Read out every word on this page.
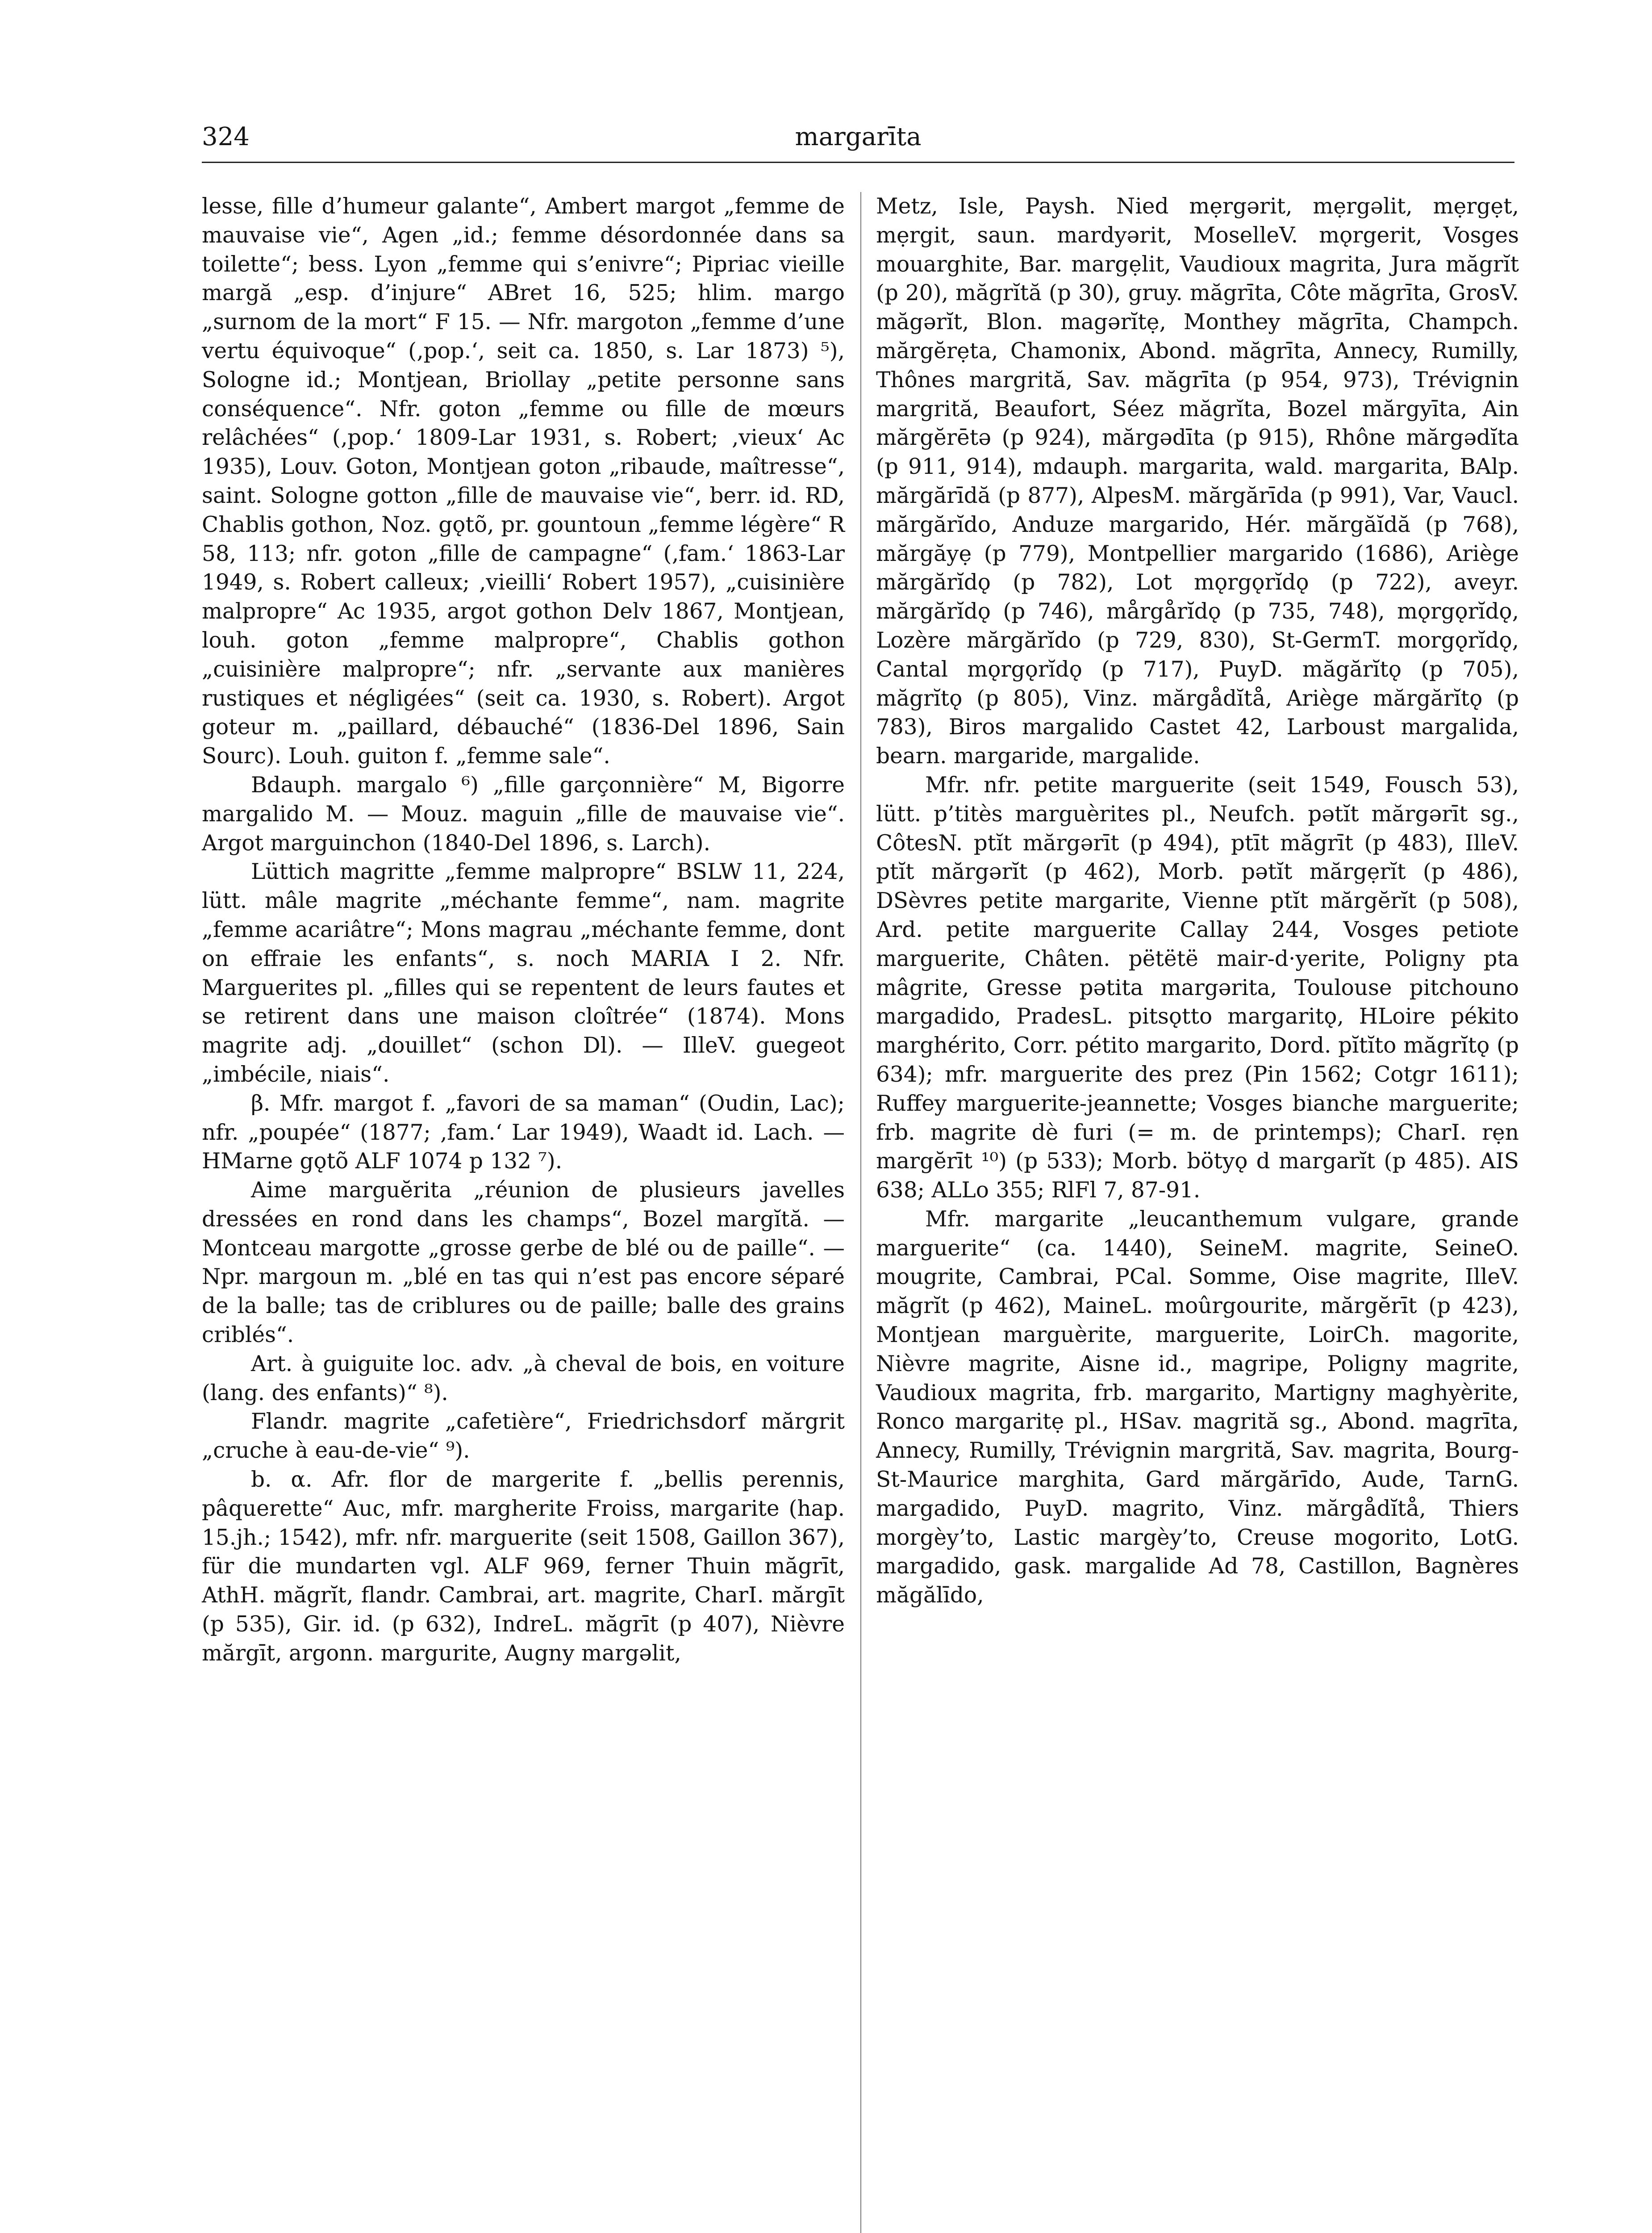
324	margarīta

lesse, fille d’humeur galante“, Ambert margot „femme de mauvaise vie“, Agen „id.; femme désordonnée dans sa toilette“; bess. Lyon „femme qui s’enivre“; Pipriac vieille margă „esp. d’injure“ ABret 16, 525; hlim. margo „surnom de la mort“ F 15. — Nfr. margoton „femme d’une vertu équivoque“ (‚pop.‘, seit ca. 1850, s. Lar 1873) ⁵), Sologne id.; Montjean, Briollay „petite personne sans conséquence“. Nfr. goton „femme ou fille de mœurs relâchées“ (‚pop.‘ 1809-Lar 1931, s. Robert; ‚vieux‘ Ac 1935), Louv. Goton, Montjean goton „ribaude, maîtresse“, saint. Sologne gotton „fille de mauvaise vie“, berr. id. RD, Chablis gothon, Noz. gǫtõ, pr. gountoun „femme légère“ R 58, 113; nfr. goton „fille de campagne“ (‚fam.‘ 1863-Lar 1949, s. Robert calleux; ‚vieilli‘ Robert 1957), „cuisinière malpropre“ Ac 1935, argot gothon Delv 1867, Montjean, louh. goton „femme malpropre“, Chablis gothon „cuisinière malpropre“; nfr. „servante aux manières rustiques et négligées“ (seit ca. 1930, s. Robert). Argot goteur m. „paillard, débauché“ (1836-Del 1896, Sain Sourc). Louh. guiton f. „femme sale“.

Bdauph. margalo ⁶) „fille garçonnière“ M, Bigorre margalido M. — Mouz. maguin „fille de mauvaise vie“. Argot marguinchon (1840-Del 1896, s. Larch).

Lüttich magritte „femme malpropre“ BSLW 11, 224, lütt. mâle magrite „méchante femme“, nam. magrite „femme acariâtre“; Mons magrau „méchante femme, dont on effraie les enfants“, s. noch MARIA I 2. Nfr. Marguerites pl. „filles qui se repentent de leurs fautes et se retirent dans une maison cloîtrée“ (1874). Mons magrite adj. „douillet“ (schon Dl). — IlleV. guegeot „imbécile, niais“.

β. Mfr. margot f. „favori de sa maman“ (Oudin, Lac); nfr. „poupée“ (1877; ‚fam.‘ Lar 1949), Waadt id. Lach. — HMarne gǫtõ ALF 1074 p 132 ⁷).

Aime marguĕrita „réunion de plusieurs javelles dressées en rond dans les champs“, Bozel margĭtă. — Montceau margotte „grosse gerbe de blé ou de paille“. — Npr. margoun m. „blé en tas qui n’est pas encore séparé de la balle; tas de criblures ou de paille; balle des grains criblés“.

Art. à guiguite loc. adv. „à cheval de bois, en voiture (lang. des enfants)“ ⁸).

Flandr. magrite „cafetière“, Friedrichsdorf mărgrit „cruche à eau-de-vie“ ⁹).

b. α. Afr. flor de margerite f. „bellis perennis, pâquerette“ Auc, mfr. margherite Froiss, margarite (hap. 15.jh.; 1542), mfr. nfr. marguerite (seit 1508, Gaillon 367), für die mundarten vgl. ALF 969, ferner Thuin măgrīt, AthH. măgrĭt, flandr. Cambrai, art. magrite, CharI. mărgīt (p 535), Gir. id. (p 632), IndreL. măgrīt (p 407), Nièvre mărgīt, argonn. margurite, Augny margəlit,

Metz, Isle, Paysh. Nied mẹrgərit, mẹrgəlit, mẹrgẹt, mẹrgit, saun. mardyərit, MoselleV. mǫrgerit, Vosges mouarghite, Bar. margẹlit, Vaudioux magrita, Jura măgrĭt (p 20), măgrĭtă (p 30), gruy. măgrīta, Côte măgrīta, GrosV. măgərĭt, Blon. magərĭtẹ, Monthey măgrīta, Champch. mărgĕrẹta, Chamonix, Abond. măgrīta, Annecy, Rumilly, Thônes margrită, Sav. măgrīta (p 954, 973), Trévignin margrită, Beaufort, Séez măgrĭta, Bozel mărgyīta, Ain mărgĕrētə (p 924), mărgədīta (p 915), Rhône mărgədĭta (p 911, 914), mdauph. margarita, wald. margarita, BAlp. mărgărīdă (p 877), AlpesM. mărgărīda (p 991), Var, Vaucl. mărgărĭdo, Anduze margarido, Hér. mărgăĭdă (p 768), mărgăyẹ (p 779), Montpellier margarido (1686), Ariège mărgărĭdǫ (p 782), Lot mǫrgǫrĭdǫ (p 722), aveyr. mărgărĭdǫ (p 746), mårgårĭdǫ (p 735, 748), mǫrgǫrĭdǫ, Lozère mărgărĭdo (p 729, 830), St-GermT. morgǫrĭdǫ, Cantal mǫrgǫrĭdǫ (p 717), PuyD. măgărĭtǫ (p 705), măgrĭtǫ (p 805), Vinz. mărgådĭtå, Ariège mărgărĭtǫ (p 783), Biros margalido Castet 42, Larboust margalida, bearn. margaride, margalide.

Mfr. nfr. petite marguerite (seit 1549, Fousch 53), lütt. p’titès marguèrites pl., Neufch. pətĭt mărgərīt sg., CôtesN. ptĭt mărgərīt (p 494), ptīt măgrīt (p 483), IlleV. ptĭt mărgərĭt (p 462), Morb. pətĭt mărgẹrĭt (p 486), DSèvres petite margarite, Vienne ptĭt mărgĕrĭt (p 508), Ard. petite marguerite Callay 244, Vosges petiote marguerite, Châten. pëtëtë mair-d·yerite, Poligny pta mâgrite, Gresse pətita margərita, Toulouse pitchouno margadido, PradesL. pitsǫtto margaritǫ, HLoire pékito marghérito, Corr. pétito margarito, Dord. pĭtĭto măgrĭtǫ (p 634); mfr. marguerite des prez (Pin 1562; Cotgr 1611); Ruffey marguerite-jeannette; Vosges bianche marguerite; frb. magrite dè furi (= m. de printemps); CharI. rẹn margĕrīt ¹⁰) (p 533); Morb. bötyǫ d margarĭt (p 485). AIS 638; ALLo 355; RlFl 7, 87-91.

Mfr. margarite „leucanthemum vulgare, grande marguerite“ (ca. 1440), SeineM. magrite, SeineO. mougrite, Cambrai, PCal. Somme, Oise magrite, IlleV. măgrĭt (p 462), MaineL. moûrgourite, mărgĕrīt (p 423), Montjean marguèrite, marguerite, LoirCh. magorite, Nièvre magrite, Aisne id., magripe, Poligny magrite, Vaudioux magrita, frb. margarito, Martigny maghyèrite, Ronco margaritẹ pl., HSav. magrită sg., Abond. magrīta, Annecy, Rumilly, Trévignin margrită, Sav. magrita, Bourg-St-Maurice marghita, Gard mărgărīdo, Aude, TarnG. margadido, PuyD. magrito, Vinz. mărgådĭtå, Thiers morgèy’to, Lastic margèy’to, Creuse mogorito, LotG. margadido, gask. margalide Ad 78, Castillon, Bagnères măgălīdo,
